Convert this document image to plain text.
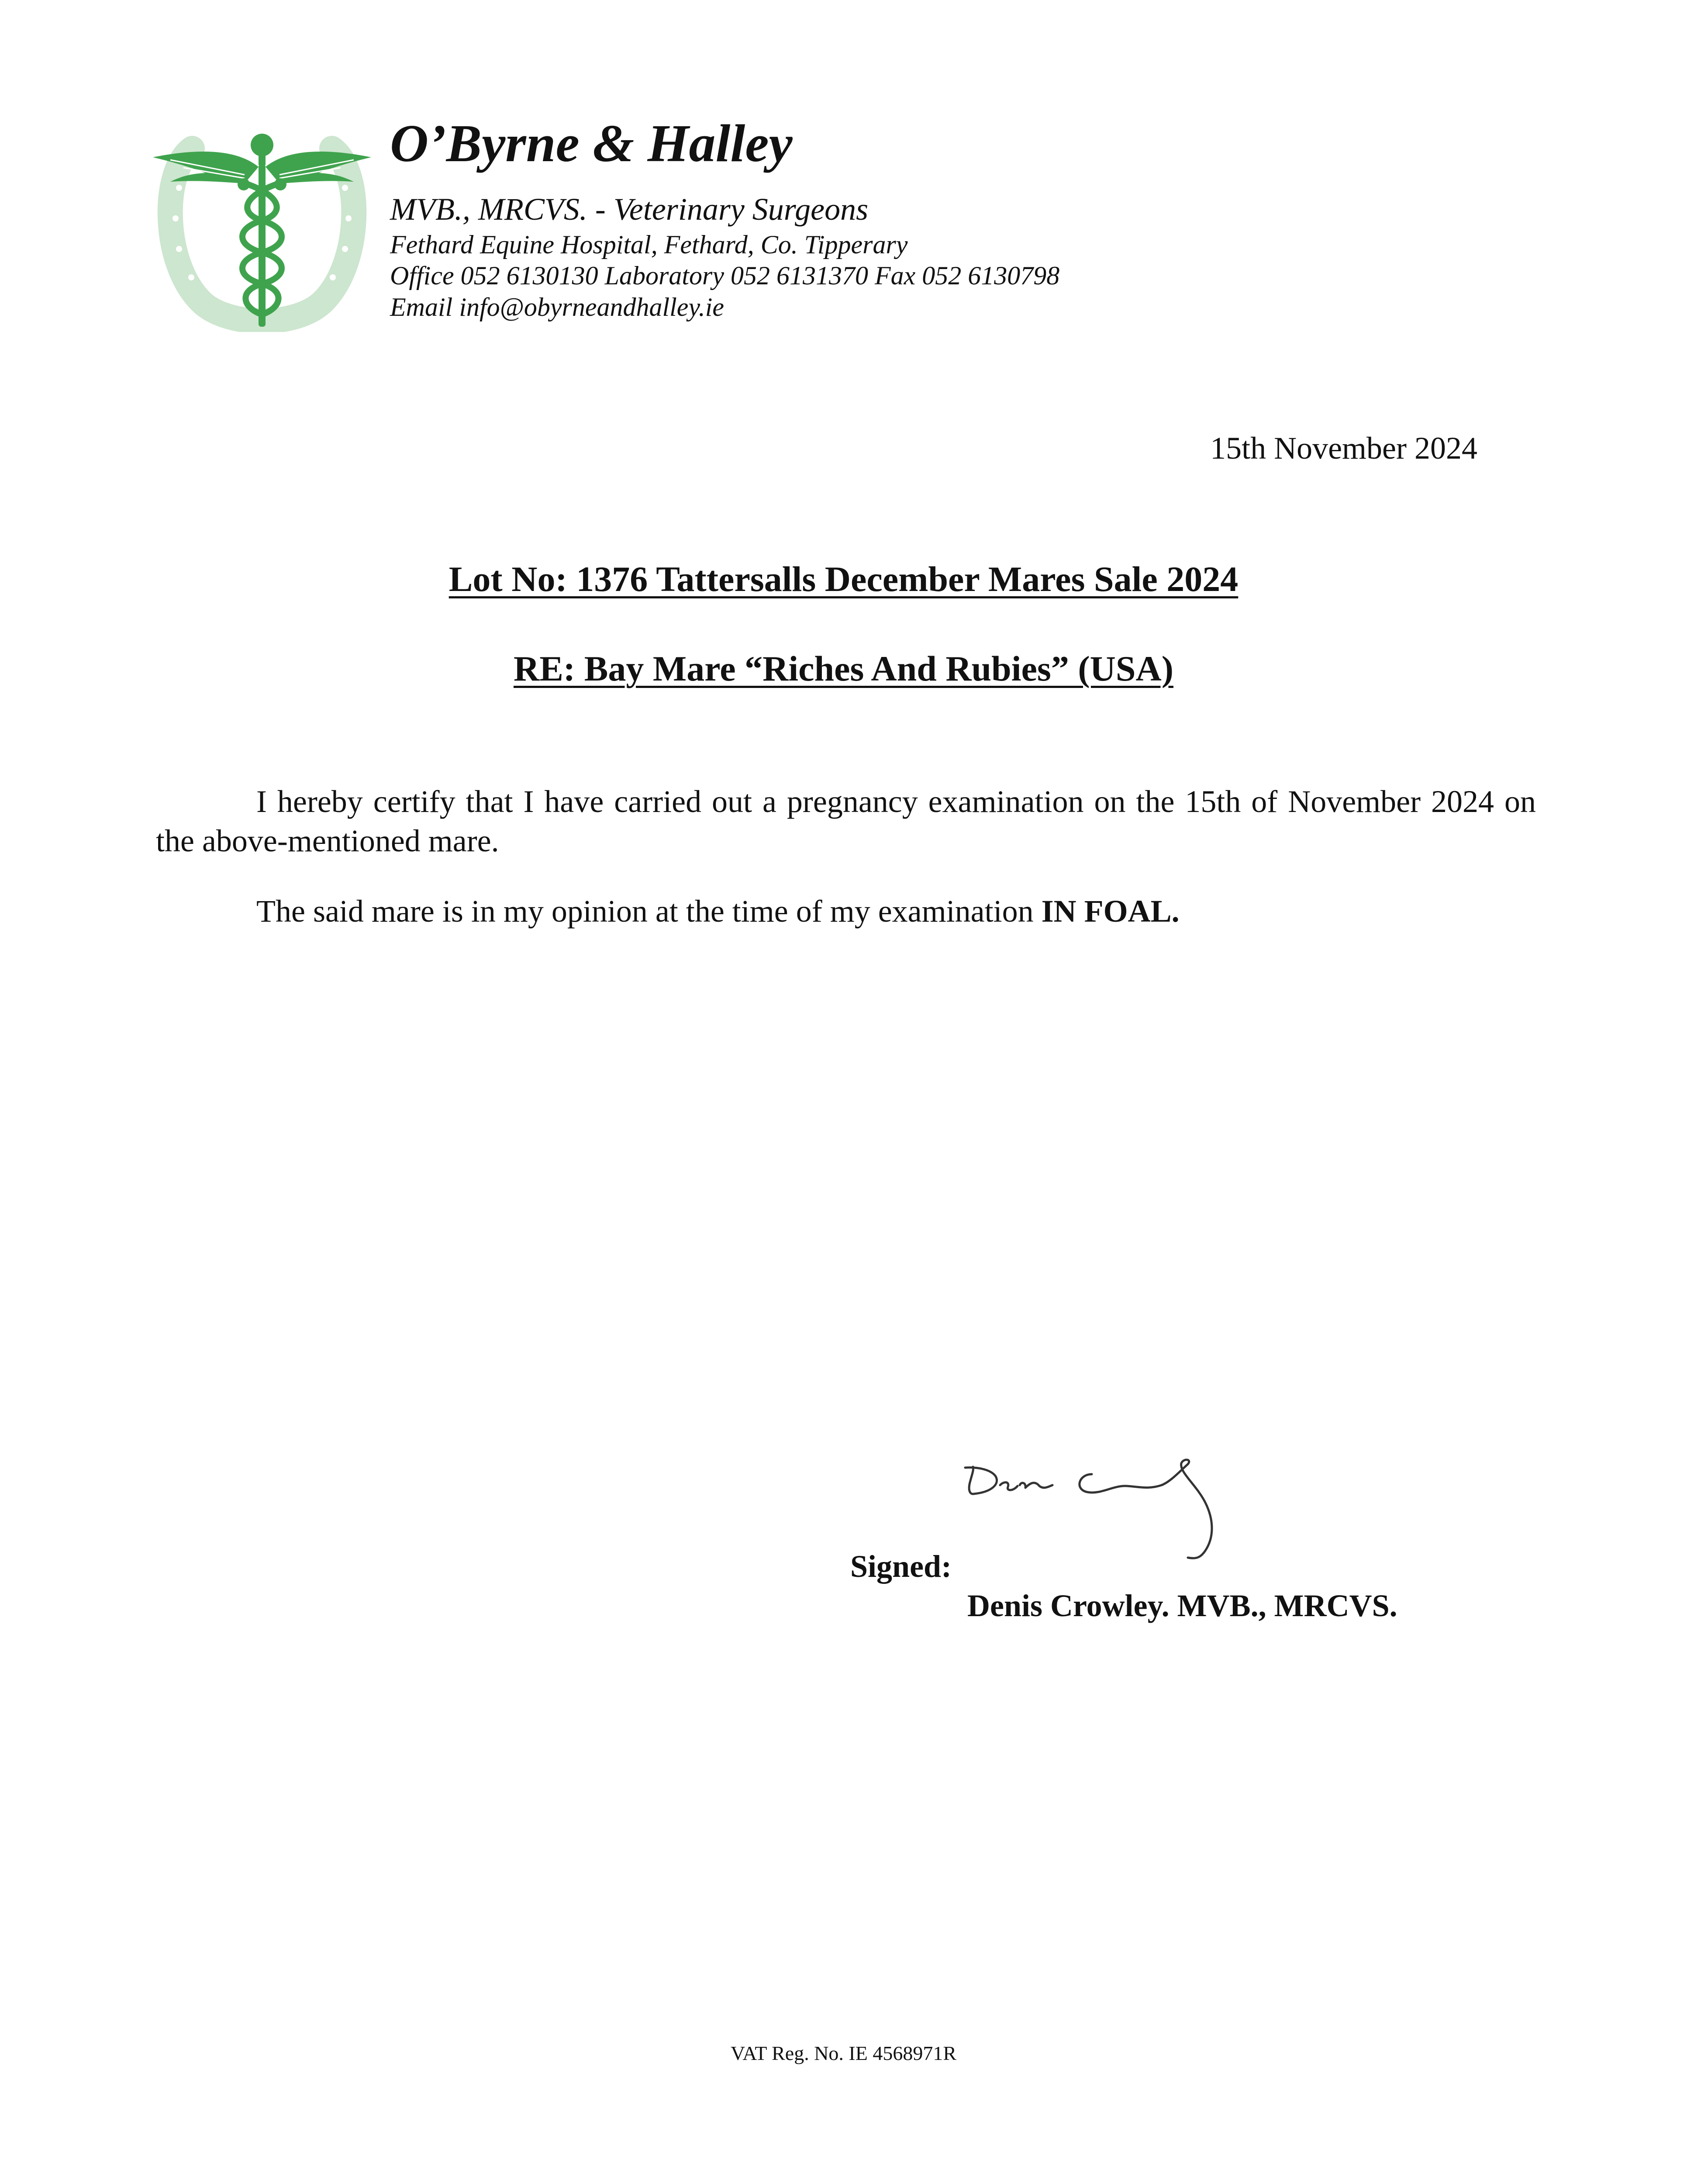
O’Byrne & Halley
MVB., MRCVS. - Veterinary Surgeons
Fethard Equine Hospital, Fethard, Co. Tipperary
Office 052 6130130 Laboratory 052 6131370 Fax 052 6130798
Email info@obyrneandhalley.ie
15th November 2024
Lot No: 1376 Tattersalls December Mares Sale 2024
RE: Bay Mare “Riches And Rubies” (USA)
I hereby certify that I have carried out a pregnancy examination on the 15th of November 2024 on the above-mentioned mare.
The said mare is in my opinion at the time of my examination IN FOAL.
Signed:
Denis Crowley. MVB., MRCVS.
VAT Reg. No. IE 4568971R
